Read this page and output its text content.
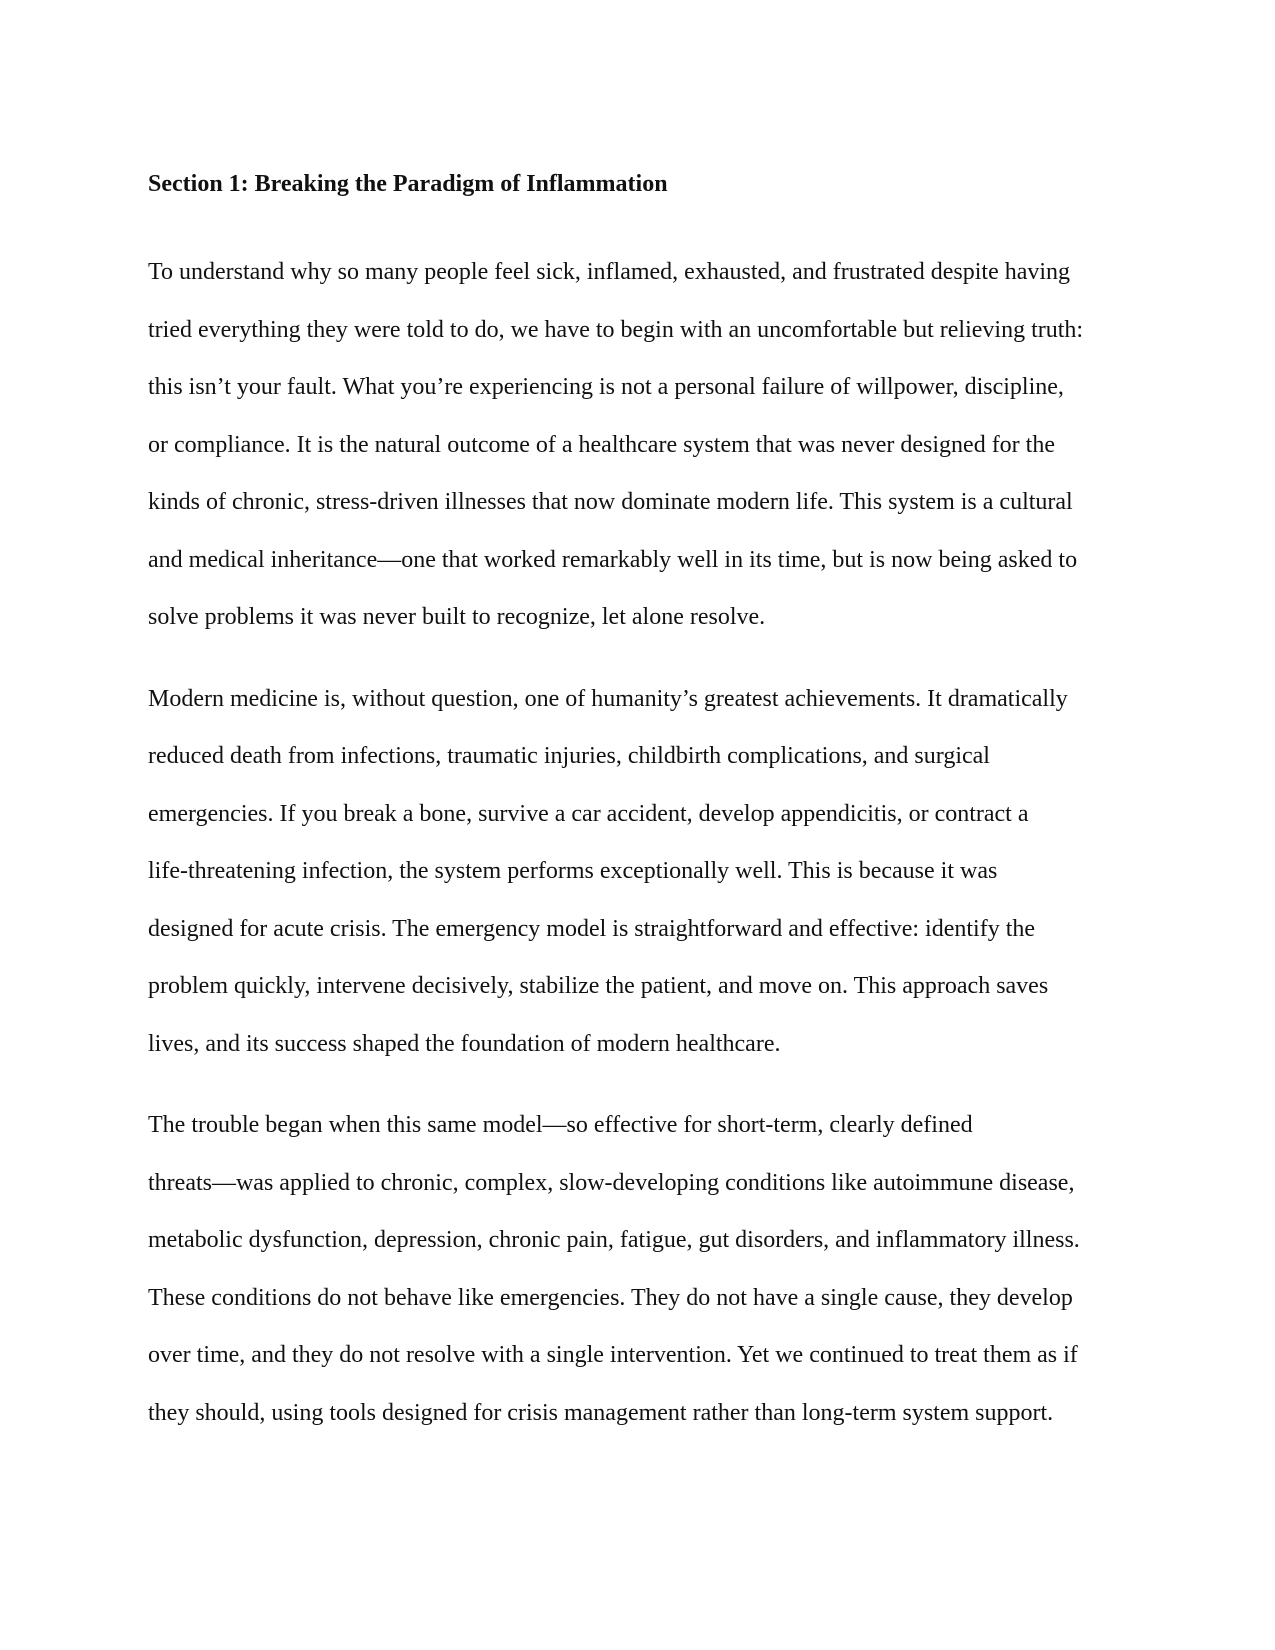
Section 1: Breaking the Paradigm of Inflammation

To understand why so many people feel sick, inflamed, exhausted, and frustrated despite having
tried everything they were told to do, we have to begin with an uncomfortable but relieving truth:
this isn’t your fault. What you’re experiencing is not a personal failure of willpower, discipline,
or compliance. It is the natural outcome of a healthcare system that was never designed for the
kinds of chronic, stress-driven illnesses that now dominate modern life. This system is a cultural
and medical inheritance—one that worked remarkably well in its time, but is now being asked to
solve problems it was never built to recognize, let alone resolve.

Modern medicine is, without question, one of humanity’s greatest achievements. It dramatically
reduced death from infections, traumatic injuries, childbirth complications, and surgical
emergencies. If you break a bone, survive a car accident, develop appendicitis, or contract a
life-threatening infection, the system performs exceptionally well. This is because it was
designed for acute crisis. The emergency model is straightforward and effective: identify the
problem quickly, intervene decisively, stabilize the patient, and move on. This approach saves
lives, and its success shaped the foundation of modern healthcare.

The trouble began when this same model—so effective for short-term, clearly defined
threats—was applied to chronic, complex, slow-developing conditions like autoimmune disease,
metabolic dysfunction, depression, chronic pain, fatigue, gut disorders, and inflammatory illness.
These conditions do not behave like emergencies. They do not have a single cause, they develop
over time, and they do not resolve with a single intervention. Yet we continued to treat them as if
they should, using tools designed for crisis management rather than long-term system support.
